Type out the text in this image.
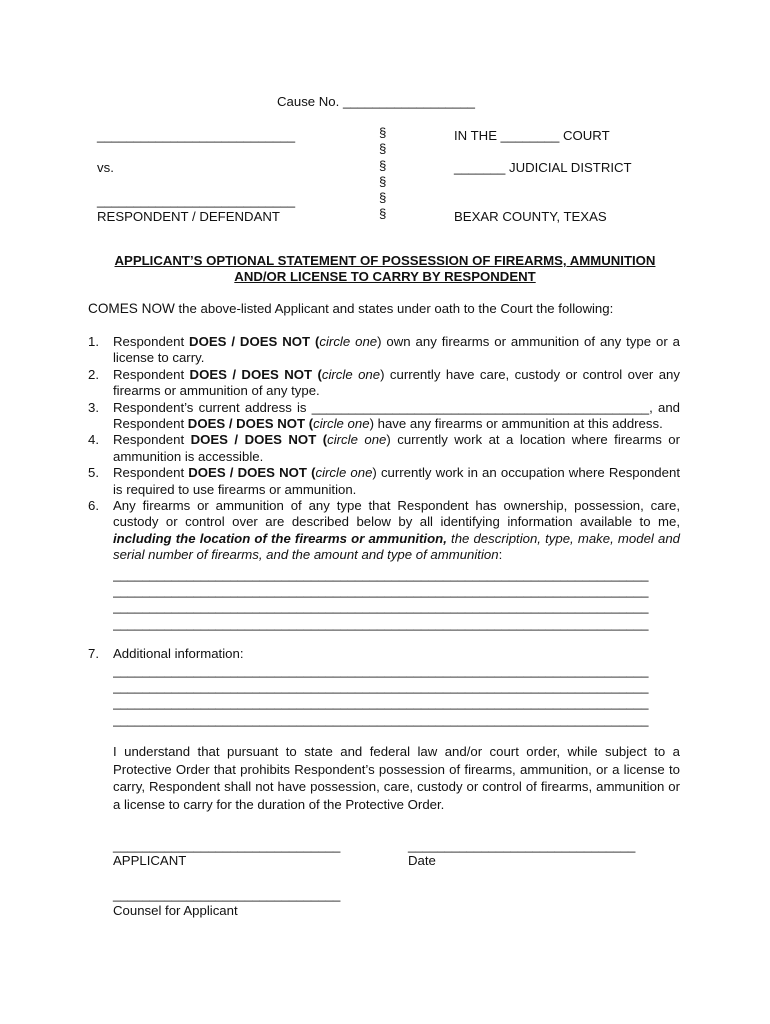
Cause No. __________________
___________________________
vs.
___________________________
RESPONDENT / DEFENDANT
§
§
§
§
§
§
IN THE ________ COURT
_______ JUDICIAL DISTRICT
BEXAR COUNTY, TEXAS
APPLICANT’S OPTIONAL STATEMENT OF POSSESSION OF FIREARMS, AMMUNITION
AND/OR LICENSE TO CARRY BY RESPONDENT
COMES NOW the above-listed Applicant and states under oath to the Court the following:
1. Respondent DOES / DOES NOT (circle one) own any firearms or ammunition of any type or a license to carry.
2. Respondent DOES / DOES NOT (circle one) currently have care, custody or control over any firearms or ammunition of any type.
3. Respondent’s current address is ______________________________________________, and Respondent DOES / DOES NOT (circle one) have any firearms or ammunition at this address.
4. Respondent DOES / DOES NOT (circle one) currently work at a location where firearms or ammunition is accessible.
5. Respondent DOES / DOES NOT (circle one) currently work in an occupation where Respondent is required to use firearms or ammunition.
6. Any firearms or ammunition of any type that Respondent has ownership, possession, care, custody or control over are described below by all identifying information available to me, including the location of the firearms or ammunition, the description, type, make, model and serial number of firearms, and the amount and type of ammunition:
_________________________________________________________________________
_________________________________________________________________________
_________________________________________________________________________
_________________________________________________________________________
7. Additional information:
_________________________________________________________________________
_________________________________________________________________________
_________________________________________________________________________
_________________________________________________________________________
I understand that pursuant to state and federal law and/or court order, while subject to a Protective Order that prohibits Respondent’s possession of firearms, ammunition, or a license to carry, Respondent shall not have possession, care, custody or control of firearms, ammunition or a license to carry for the duration of the Protective Order.
_______________________________
APPLICANT
_______________________________
Date
_______________________________
Counsel for Applicant
